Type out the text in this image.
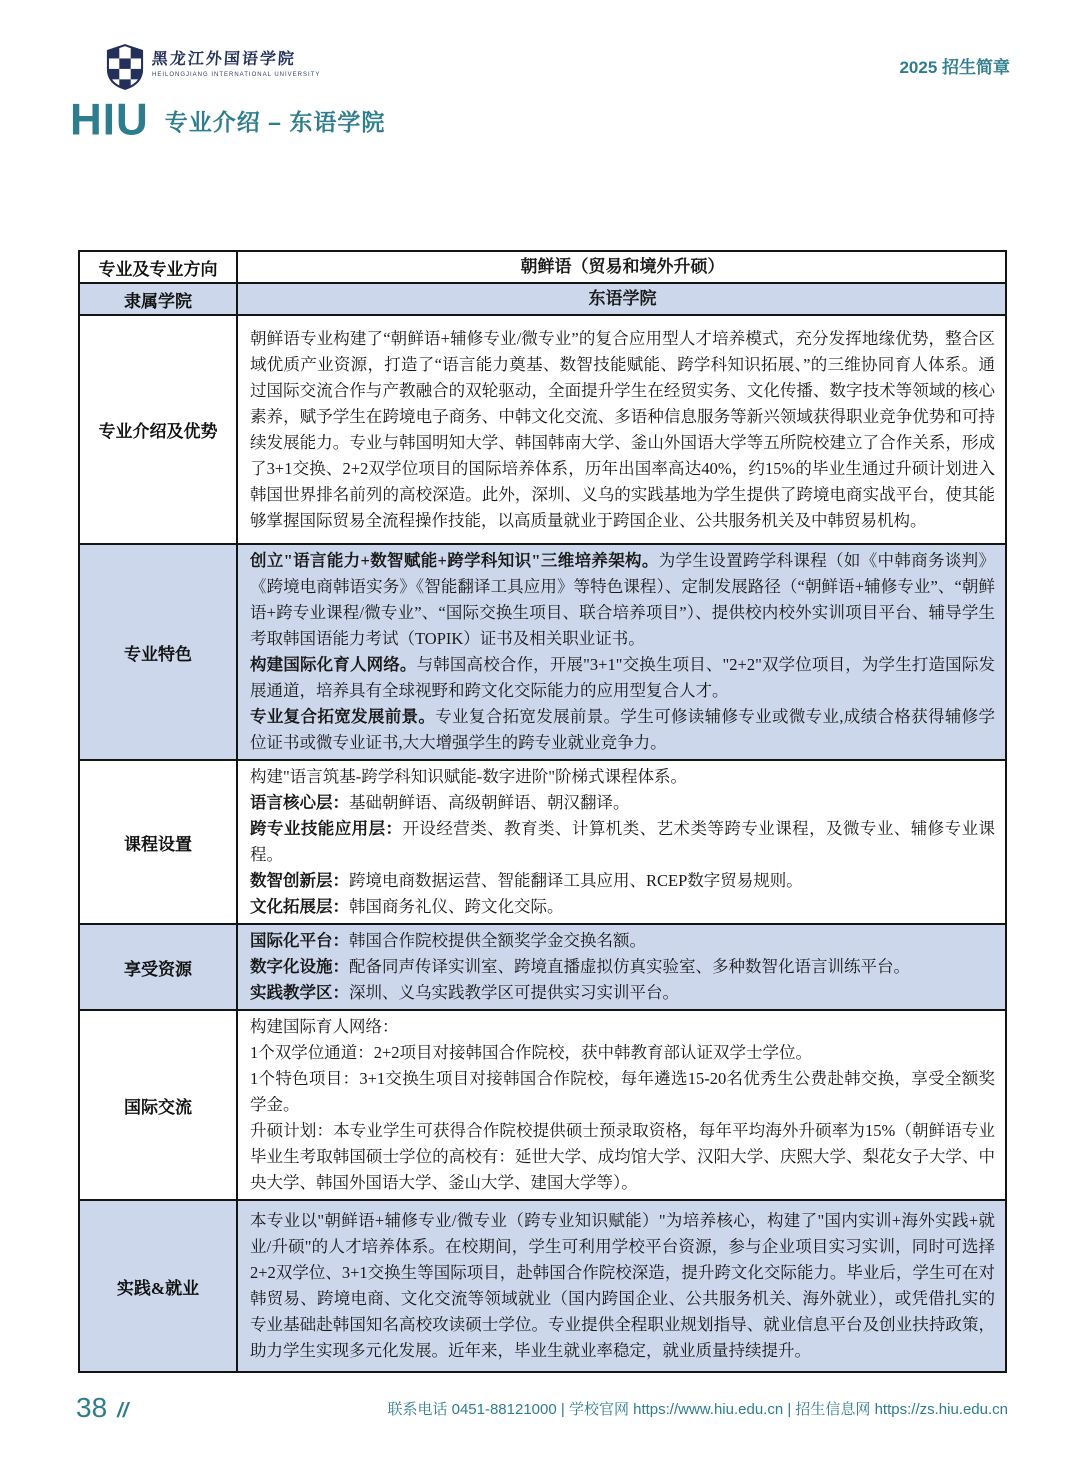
黑龙江外国语学院
HEILONGJIANG INTERNATIONAL UNIVERSITY	2025 招生简章
HIU 专业介绍 – 东语学院
专业及专业方向	朝鲜语（贸易和境外升硕）

隶属学院	东语学院

专业介绍及优势	朝鲜语专业构建了“朝鲜语+辅修专业/微专业”的复合应用型人才培养模式，充分发挥地缘优势，整合区域优质产业资源，打造了“语言能力奠基、数智技能赋能、跨学科知识拓展、”的三维协同育人体系。通过国际交流合作与产教融合的双轮驱动，全面提升学生在经贸实务、文化传播、数字技术等领域的核心素养，赋予学生在跨境电子商务、中韩文化交流、多语种信息服务等新兴领域获得职业竞争优势和可持续发展能力。专业与韩国明知大学、韩国韩南大学、釜山外国语大学等五所院校建立了合作关系，形成了3+1交换、2+2双学位项目的国际培养体系，历年出国率高达40%，约15%的毕业生通过升硕计划进入韩国世界排名前列的高校深造。此外，深圳、义乌的实践基地为学生提供了跨境电商实战平台，使其能够掌握国际贸易全流程操作技能，以高质量就业于跨国企业、公共服务机关及中韩贸易机构。

专业特色	创立"语言能力+数智赋能+跨学科知识"三维培养架构。为学生设置跨学科课程（如《中韩商务谈判》《跨境电商韩语实务》《智能翻译工具应用》等特色课程）、定制发展路径（“朝鲜语+辅修专业”、“朝鲜语+跨专业课程/微专业”、“国际交换生项目、联合培养项目”）、提供校内校外实训项目平台、辅导学生考取韩国语能力考试（TOPIK）证书及相关职业证书。
构建国际化育人网络。与韩国高校合作，开展"3+1"交换生项目、"2+2"双学位项目，为学生打造国际发展通道，培养具有全球视野和跨文化交际能力的应用型复合人才。
专业复合拓宽发展前景。专业复合拓宽发展前景。学生可修读辅修专业或微专业,成绩合格获得辅修学位证书或微专业证书,大大增强学生的跨专业就业竞争力。

课程设置	构建"语言筑基-跨学科知识赋能-数字进阶"阶梯式课程体系。
语言核心层：基础朝鲜语、高级朝鲜语、朝汉翻译。
跨专业技能应用层：开设经营类、教育类、计算机类、艺术类等跨专业课程，及微专业、辅修专业课程。
数智创新层：跨境电商数据运营、智能翻译工具应用、RCEP数字贸易规则。
文化拓展层：韩国商务礼仪、跨文化交际。

享受资源	国际化平台：韩国合作院校提供全额奖学金交换名额。
数字化设施：配备同声传译实训室、跨境直播虚拟仿真实验室、多种数智化语言训练平台。
实践教学区：深圳、义乌实践教学区可提供实习实训平台。

国际交流	构建国际育人网络：
1个双学位通道：2+2项目对接韩国合作院校，获中韩教育部认证双学士学位。
1个特色项目：3+1交换生项目对接韩国合作院校，每年遴选15-20名优秀生公费赴韩交换，享受全额奖学金。
升硕计划：本专业学生可获得合作院校提供硕士预录取资格，每年平均海外升硕率为15%（朝鲜语专业毕业生考取韩国硕士学位的高校有：延世大学、成均馆大学、汉阳大学、庆熙大学、梨花女子大学、中央大学、韩国外国语大学、釜山大学、建国大学等）。

实践&就业	本专业以"朝鲜语+辅修专业/微专业（跨专业知识赋能）"为培养核心，构建了"国内实训+海外实践+就业/升硕"的人才培养体系。在校期间，学生可利用学校平台资源，参与企业项目实习实训，同时可选择2+2双学位、3+1交换生等国际项目，赴韩国合作院校深造，提升跨文化交际能力。毕业后，学生可在对韩贸易、跨境电商、文化交流等领域就业（国内跨国企业、公共服务机关、海外就业），或凭借扎实的专业基础赴韩国知名高校攻读硕士学位。专业提供全程职业规划指导、就业信息平台及创业扶持政策，助力学生实现多元化发展。近年来，毕业生就业率稳定，就业质量持续提升。
38 //	联系电话 0451-88121000 | 学校官网 https://www.hiu.edu.cn | 招生信息网 https://zs.hiu.edu.cn
